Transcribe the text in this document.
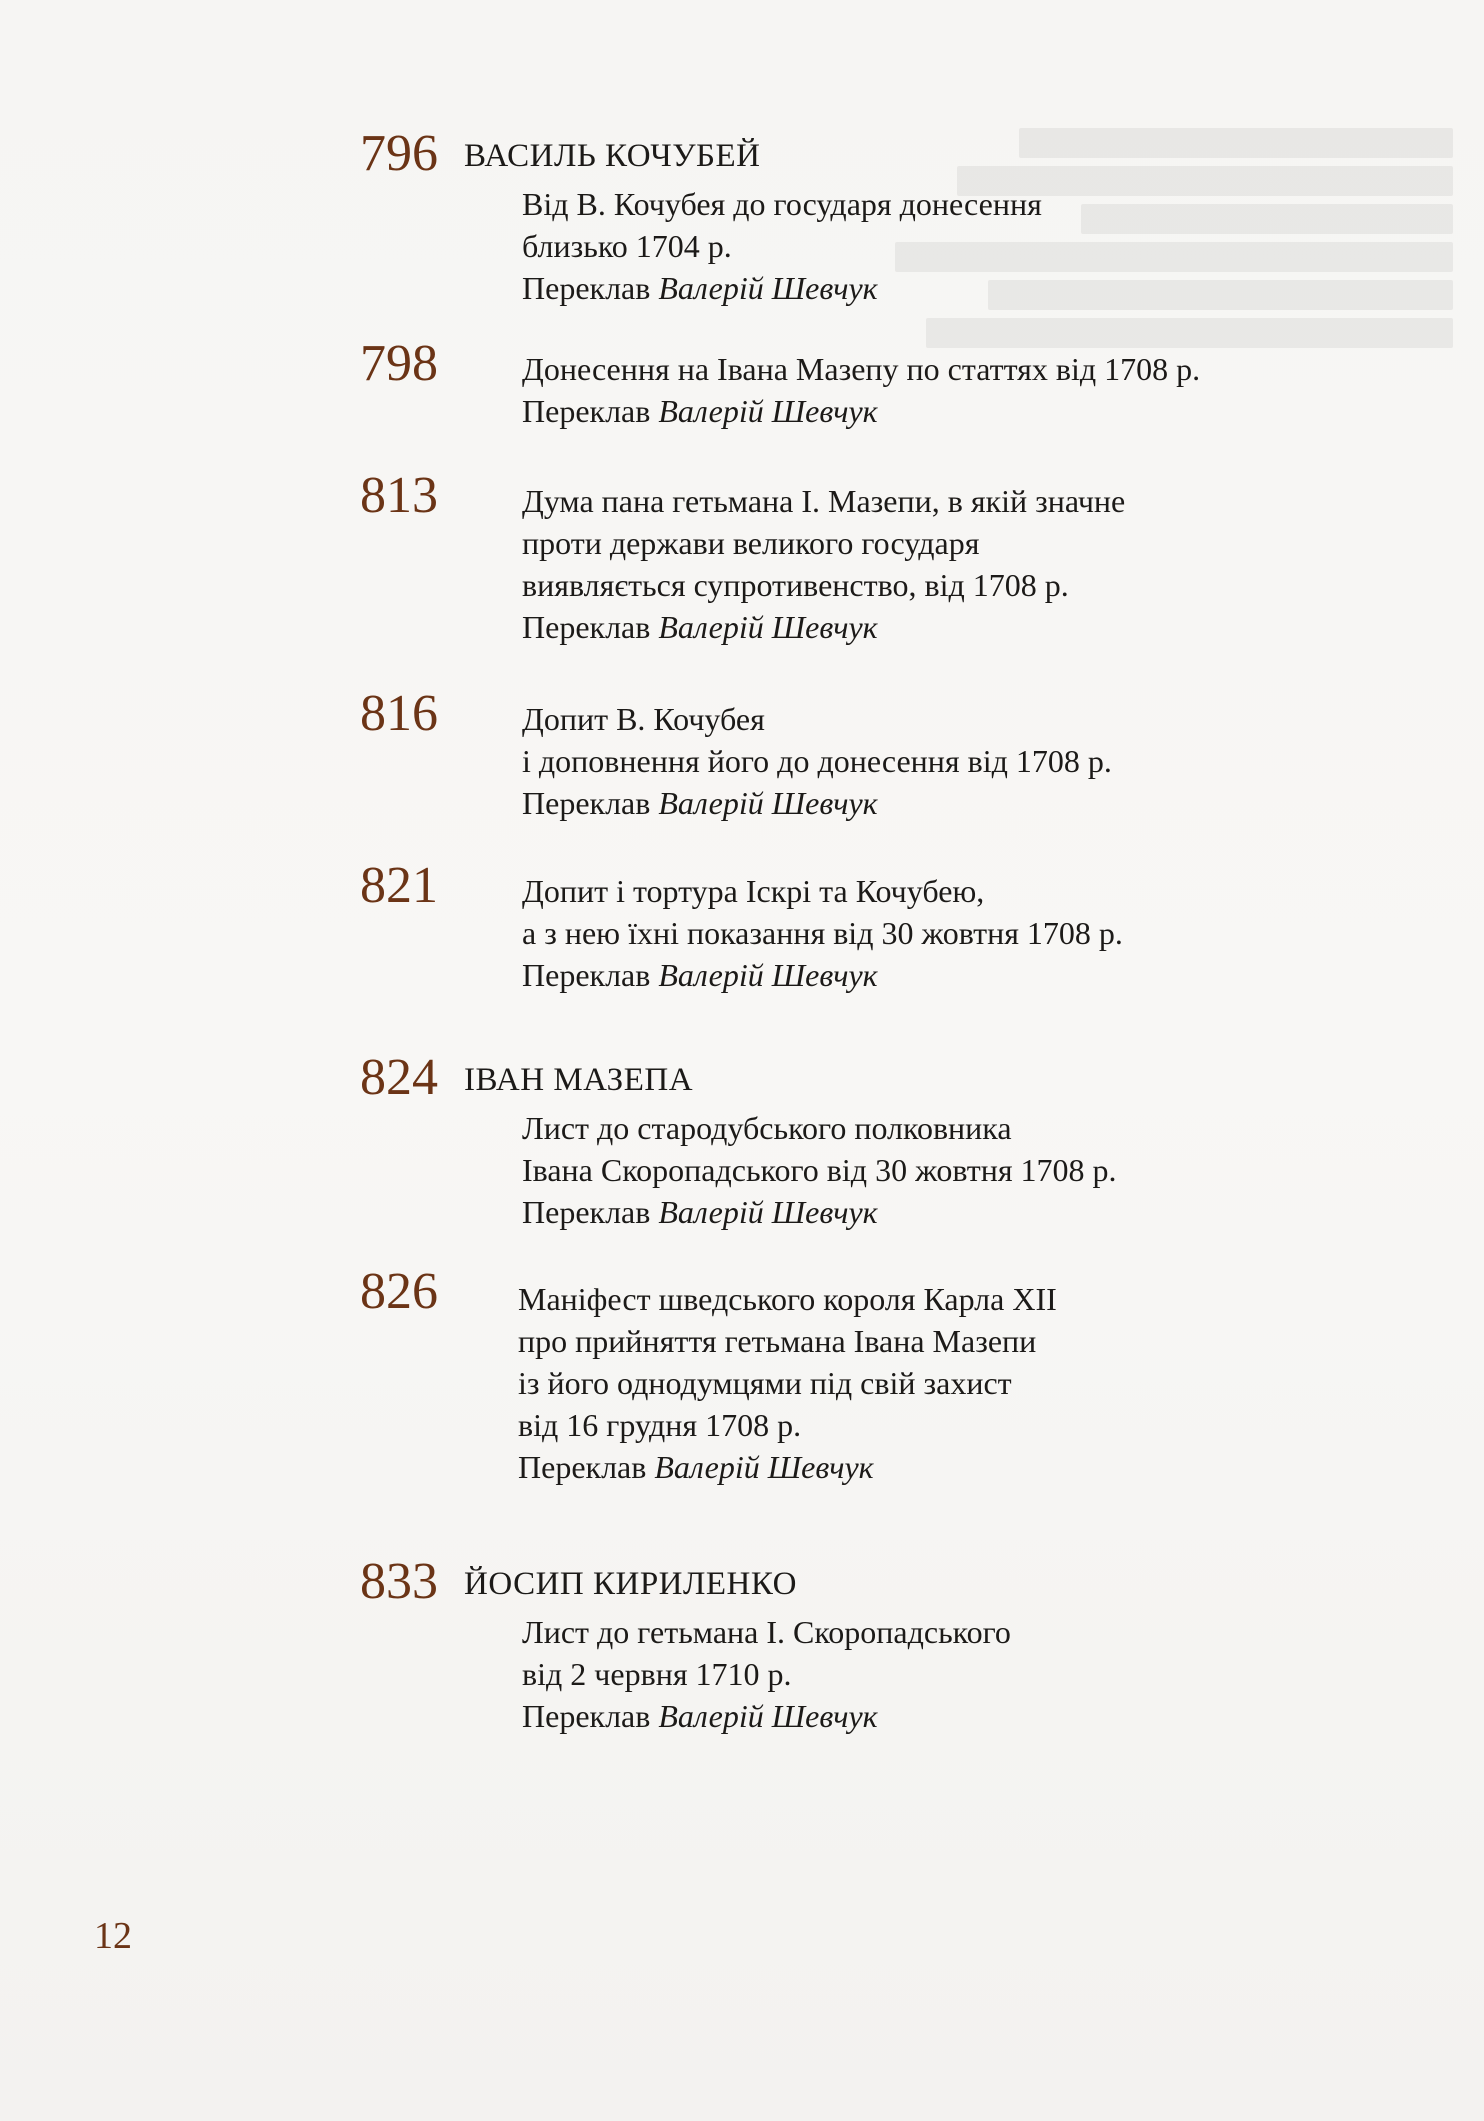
796 ВАСИЛЬ КОЧУБЕЙ
Від В. Кочубея до государя донесення
близько 1704 р.
Переклав Валерій Шевчук
798	Донесення на Івана Мазепу по статтях від 1708 р.
Переклав Валерій Шевчук
813	Дума пана гетьмана І. Мазепи, в якій значне
проти держави великого государя
виявляється супротивенство, від 1708 р.
Переклав Валерій Шевчук
816	Допит В. Кочубея
і доповнення його до донесення від 1708 р.
Переклав Валерій Шевчук
821	Допит і тортура Іскрі та Кочубею,
а з нею їхні показання від 30 жовтня 1708 р.
Переклав Валерій Шевчук
824 ІВАН МАЗЕПА
Лист до стародубського полковника
Івана Скоропадського від 30 жовтня 1708 р.
Переклав Валерій Шевчук
826	Маніфест шведського короля Карла XII
про прийняття гетьмана Івана Мазепи
із його однодумцями під свій захист
від 16 грудня 1708 р.
Переклав Валерій Шевчук
833 ЙОСИП КИРИЛЕНКО
Лист до гетьмана І. Скоропадського
від 2 червня 1710 р.
Переклав Валерій Шевчук
12
